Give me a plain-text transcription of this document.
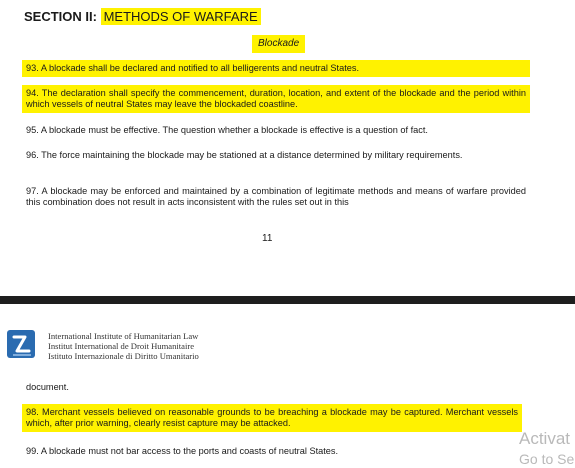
SECTION II: METHODS OF WARFARE
Blockade
93. A blockade shall be declared and notified to all belligerents and neutral States.
94. The declaration shall specify the commencement, duration, location, and extent of the blockade and the period within which vessels of neutral States may leave the blockaded coastline.
95. A blockade must be effective. The question whether a blockade is effective is a question of fact.
96. The force maintaining the blockade may be stationed at a distance determined by military requirements.
97. A blockade may be enforced and maintained by a combination of legitimate methods and means of warfare provided this combination does not result in acts inconsistent with the rules set out in this
11
International Institute of Humanitarian Law
Institut International de Droit Humanitaire
Istituto Internazionale di Diritto Umanitario
document.
98. Merchant vessels believed on reasonable grounds to be breaching a blockade may be captured. Merchant vessels which, after prior warning, clearly resist capture may be attacked.
99. A blockade must not bar access to the ports and coasts of neutral States.
Activat
Go to Se
